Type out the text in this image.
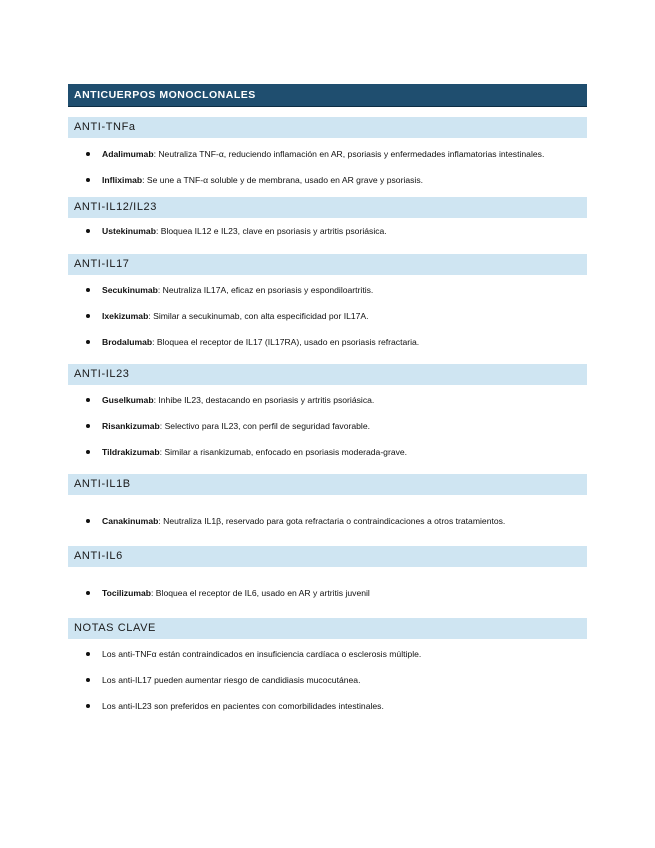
ANTICUERPOS MONOCLONALES
ANTI-TNFa
Adalimumab: Neutraliza TNF-α, reduciendo inflamación en AR, psoriasis y enfermedades inflamatorias intestinales.
Infliximab: Se une a TNF-α soluble y de membrana, usado en AR grave y psoriasis.
ANTI-IL12/IL23
Ustekinumab: Bloquea IL12 e IL23, clave en psoriasis y artritis psoriásica.
ANTI-IL17
Secukinumab: Neutraliza IL17A, eficaz en psoriasis y espondiloartritis.
Ixekizumab: Similar a secukinumab, con alta especificidad por IL17A.
Brodalumab: Bloquea el receptor de IL17 (IL17RA), usado en psoriasis refractaria.
ANTI-IL23
Guselkumab: Inhibe IL23, destacando en psoriasis y artritis psoriásica.
Risankizumab: Selectivo para IL23, con perfil de seguridad favorable.
Tildrakizumab: Similar a risankizumab, enfocado en psoriasis moderada-grave.
ANTI-IL1B
Canakinumab: Neutraliza IL1β, reservado para gota refractaria o contraindicaciones a otros tratamientos.
ANTI-IL6
Tocilizumab: Bloquea el receptor de IL6, usado en AR y artritis juvenil
NOTAS CLAVE
Los anti-TNFα están contraindicados en insuficiencia cardíaca o esclerosis múltiple.
Los anti-IL17 pueden aumentar riesgo de candidiasis mucocutánea.
Los anti-IL23 son preferidos en pacientes con comorbilidades intestinales.
